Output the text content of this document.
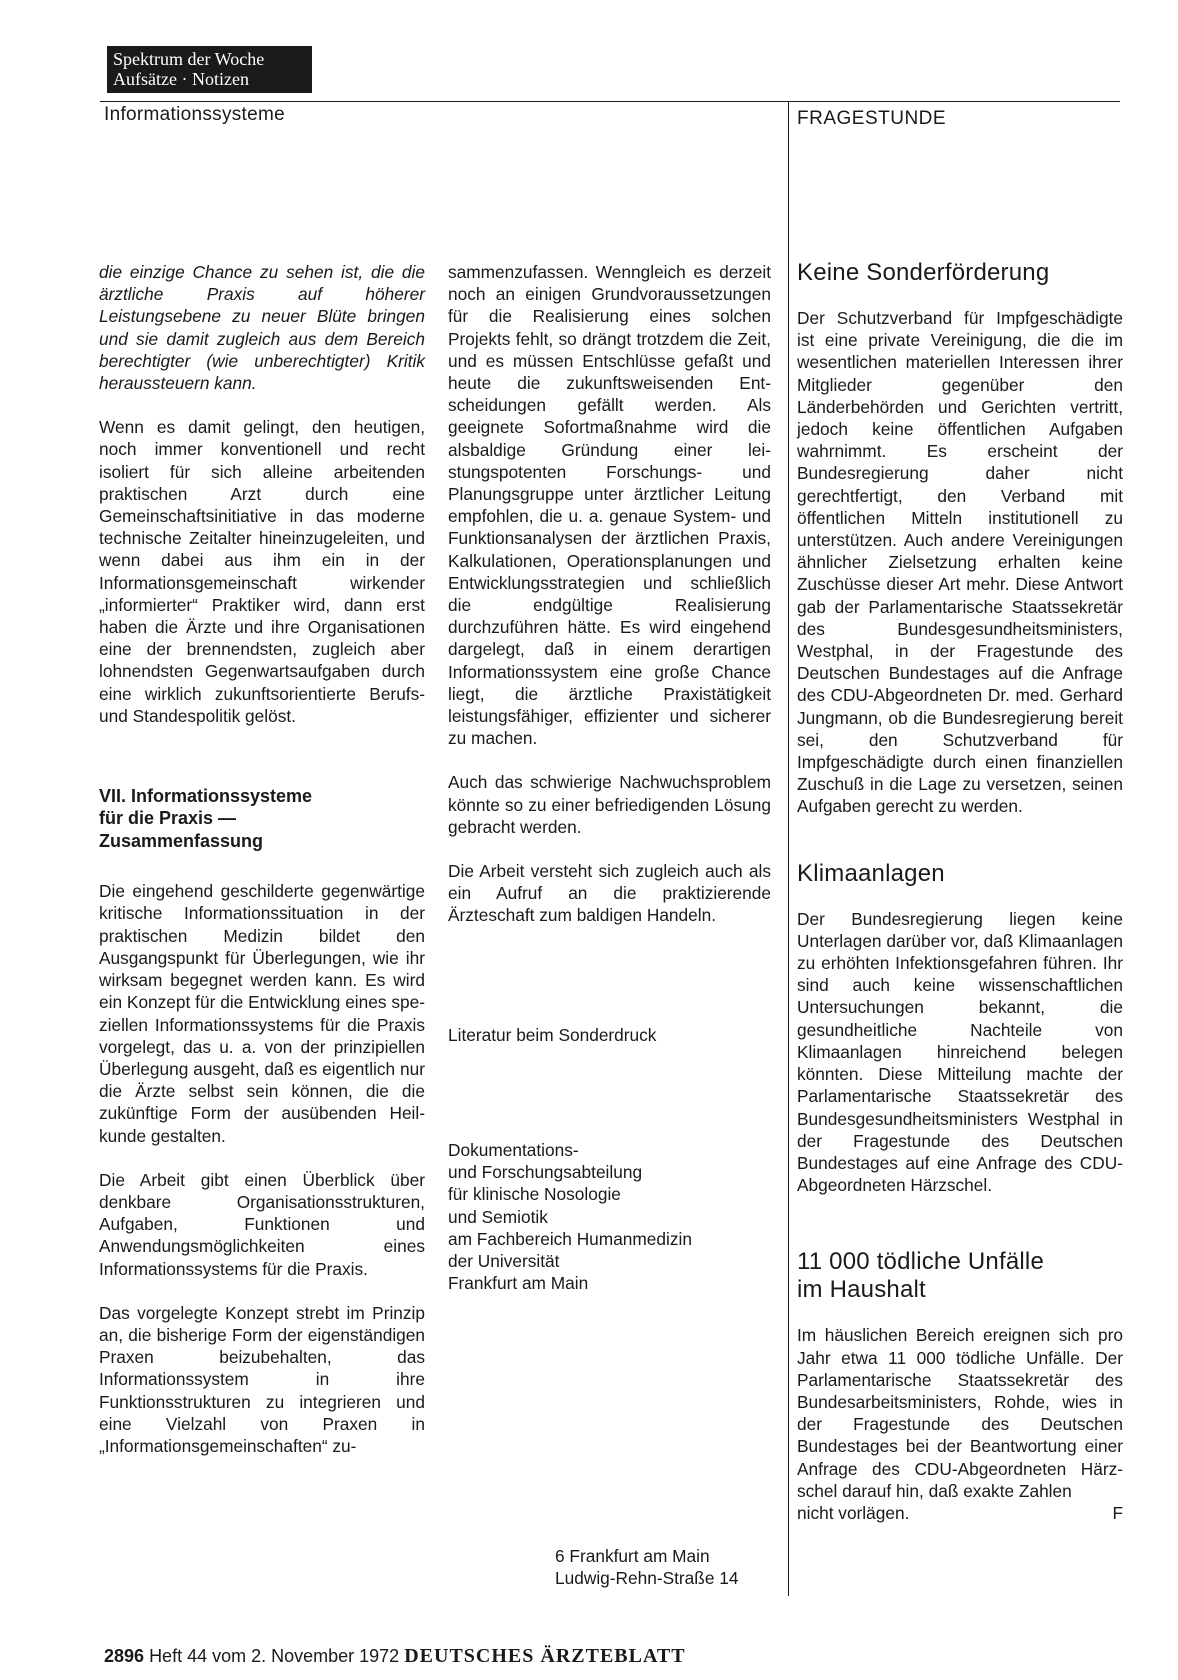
Spektrum der Woche
Aufsätze · Notizen
Informationssysteme	FRAGESTUNDE

die einzige Chance zu sehen ist, die die ärztliche Praxis auf höherer Leistungsebene zu neuer Blüte bringen und sie damit zugleich aus dem Bereich berechtigter (wie unberechtigter) Kritik heraussteuern kann.

Wenn es damit gelingt, den heutigen, noch immer konventionell und recht isoliert für sich alleine arbeitenden praktischen Arzt durch eine Gemeinschaftsinitiative in das moderne technische Zeitalter hineinzugeleiten, und wenn dabei aus ihm ein in der Informationsgemeinschaft wirkender „informierter“ Praktiker wird, dann erst haben die Ärzte und ihre Organisationen eine der brennendsten, zugleich aber lohnendsten Gegenwartsaufgaben durch eine wirklich zukunftsorientierte Berufs- und Standespolitik gelöst.

VII. Informationssysteme
für die Praxis —
Zusammenfassung

Die eingehend geschilderte gegenwärtige kritische Informationssituation in der praktischen Medizin bildet den Ausgangspunkt für Überlegungen, wie ihr wirksam begegnet werden kann. Es wird ein Konzept für die Entwicklung eines speziellen Informationssystems für die Praxis vorgelegt, das u. a. von der prinzipiellen Überlegung ausgeht, daß es eigentlich nur die Ärzte selbst sein können, die die zukünftige Form der ausübenden Heilkunde gestalten.

Die Arbeit gibt einen Überblick über denkbare Organisationsstrukturen, Aufgaben, Funktionen und Anwendungsmöglichkeiten eines Informationssystems für die Praxis.

Das vorgelegte Konzept strebt im Prinzip an, die bisherige Form der eigenständigen Praxen beizubehalten, das Informationssystem in ihre Funktionsstrukturen zu integrieren und eine Vielzahl von Praxen in „Informationsgemeinschaften“ zu-

sammenzufassen. Wenngleich es derzeit noch an einigen Grundvoraussetzungen für die Realisierung eines solchen Projekts fehlt, so drängt trotzdem die Zeit, und es müssen Entschlüsse gefaßt und heute die zukunftsweisenden Entscheidungen gefällt werden. Als geeignete Sofortmaßnahme wird die alsbaldige Gründung einer leistungspotenten Forschungs- und Planungsgruppe unter ärztlicher Leitung empfohlen, die u. a. genaue System- und Funktionsanalysen der ärztlichen Praxis, Kalkulationen, Operationsplanungen und Entwicklungsstrategien und schließlich die endgültige Realisierung durchzuführen hätte. Es wird eingehend dargelegt, daß in einem derartigen Informationssystem eine große Chance liegt, die ärztliche Praxistätigkeit leistungsfähiger, effizienter und sicherer zu machen.

Auch das schwierige Nachwuchsproblem könnte so zu einer befriedigenden Lösung gebracht werden.

Die Arbeit versteht sich zugleich auch als ein Aufruf an die praktizierende Ärzteschaft zum baldigen Handeln.

Literatur beim Sonderdruck

Dokumentations-
und Forschungsabteilung
für klinische Nosologie
und Semiotik
am Fachbereich Humanmedizin
der Universität
Frankfurt am Main

6 Frankfurt am Main
Ludwig-Rehn-Straße 14

Keine Sonderförderung

Der Schutzverband für Impfgeschädigte ist eine private Vereinigung, die die im wesentlichen materiellen Interessen ihrer Mitglieder gegenüber den Länderbehörden und Gerichten vertritt, jedoch keine öffentlichen Aufgaben wahrnimmt. Es erscheint der Bundesregierung daher nicht gerechtfertigt, den Verband mit öffentlichen Mitteln institutionell zu unterstützen. Auch andere Vereinigungen ähnlicher Zielsetzung erhalten keine Zuschüsse dieser Art mehr. Diese Antwort gab der Parlamentarische Staatssekretär des Bundesgesundheitsministers, Westphal, in der Fragestunde des Deutschen Bundestages auf die Anfrage des CDU-Abgeordneten Dr. med. Gerhard Jungmann, ob die Bundesregierung bereit sei, den Schutzverband für Impfgeschädigte durch einen finanziellen Zuschuß in die Lage zu versetzen, seinen Aufgaben gerecht zu werden.

Klimaanlagen

Der Bundesregierung liegen keine Unterlagen darüber vor, daß Klimaanlagen zu erhöhten Infektionsgefahren führen. Ihr sind auch keine wissenschaftlichen Untersuchungen bekannt, die gesundheitliche Nachteile von Klimaanlagen hinreichend belegen könnten. Diese Mitteilung machte der Parlamentarische Staatssekretär des Bundesgesundheitsministers Westphal in der Fragestunde des Deutschen Bundestages auf eine Anfrage des CDU-Abgeordneten Härzschel.

11 000 tödliche Unfälle
im Haushalt

Im häuslichen Bereich ereignen sich pro Jahr etwa 11 000 tödliche Unfälle. Der Parlamentarische Staatssekretär des Bundesarbeitsministers, Rohde, wies in der Fragestunde des Deutschen Bundestages bei der Beantwortung einer Anfrage des CDU-Abgeordneten Härzschel darauf hin, daß exakte Zahlen

nicht vorlägen.	F
2896 Heft 44 vom 2. November 1972 DEUTSCHES ÄRZTEBLATT
